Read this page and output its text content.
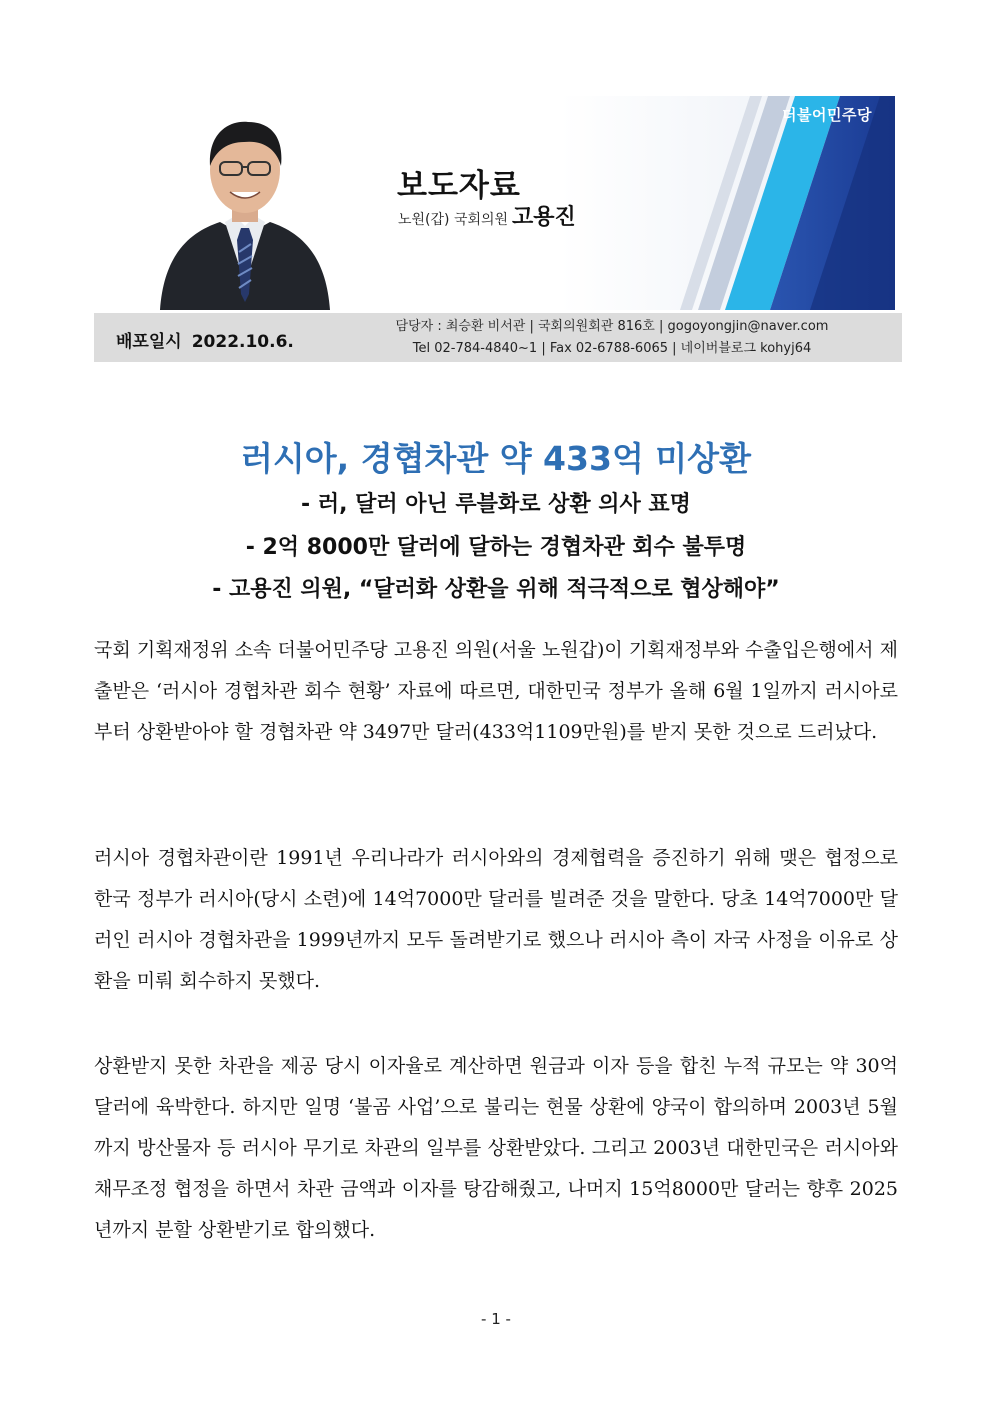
보도자료
노원(갑) 국회의원 고용진
더불어민주당
배포일시 2022.10.6.
담당자 : 최승환 비서관 | 국회의원회관 816호 | gogoyongjin@naver.com
Tel 02-784-4840~1 | Fax 02-6788-6065 | 네이버블로그 kohyj64
러시아, 경협차관 약 433억 미상환
- 러, 달러 아닌 루블화로 상환 의사 표명
- 2억 8000만 달러에 달하는 경협차관 회수 불투명
- 고용진 의원, “달러화 상환을 위해 적극적으로 협상해야”

국회 기획재정위 소속 더불어민주당 고용진 의원(서울 노원갑)이 기획재정부와 수출입은행에서 제출받은 ‘러시아 경협차관 회수 현황’ 자료에 따르면, 대한민국 정부가 올해 6월 1일까지 러시아로부터 상환받아야 할 경협차관 약 3497만 달러(433억1109만원)를 받지 못한 것으로 드러났다.

러시아 경협차관이란 1991년 우리나라가 러시아와의 경제협력을 증진하기 위해 맺은 협정으로 한국 정부가 러시아(당시 소련)에 14억7000만 달러를 빌려준 것을 말한다. 당초 14억7000만 달러인 러시아 경협차관을 1999년까지 모두 돌려받기로 했으나 러시아 측이 자국 사정을 이유로 상환을 미뤄 회수하지 못했다.

상환받지 못한 차관을 제공 당시 이자율로 계산하면 원금과 이자 등을 합친 누적 규모는 약 30억 달러에 육박한다. 하지만 일명 ‘불곰 사업’으로 불리는 현물 상환에 양국이 합의하며 2003년 5월까지 방산물자 등 러시아 무기로 차관의 일부를 상환받았다. 그리고 2003년 대한민국은 러시아와 채무조정 협정을 하면서 차관 금액과 이자를 탕감해줬고, 나머지 15억8000만 달러는 향후 2025년까지 분할 상환받기로 합의했다.

- 1 -
